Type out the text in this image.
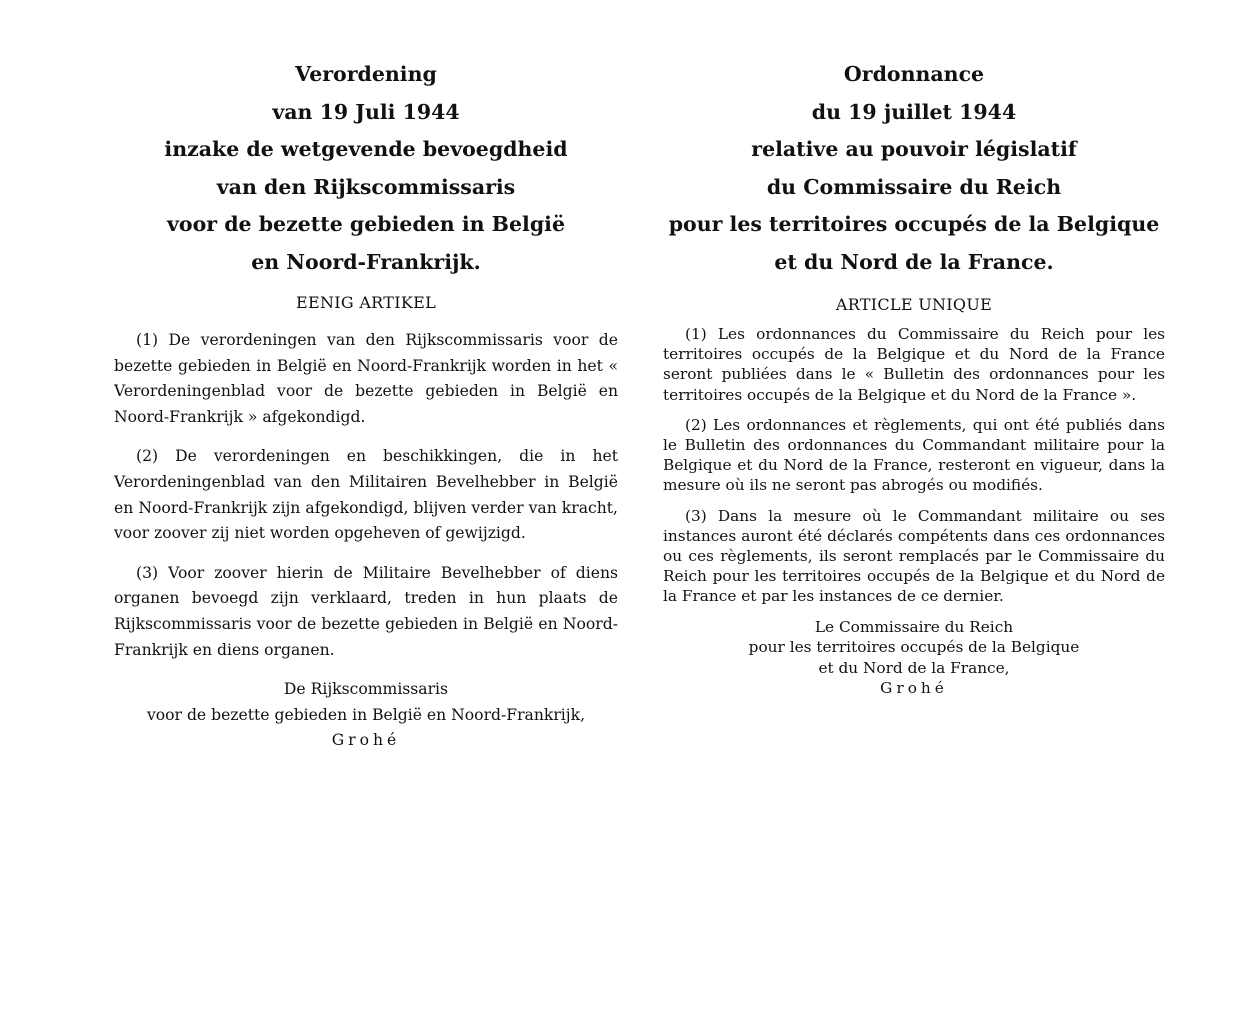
Verordening
van 19 Juli 1944
inzake de wetgevende bevoegdheid
van den Rijkscommissaris
voor de bezette gebieden in België
en Noord-Frankrijk.
EENIG ARTIKEL

(1) De verordeningen van den Rijkscommissaris voor de bezette gebieden in België en Noord-Frankrijk worden in het « Verordeningenblad voor de bezette gebieden in België en Noord-Frankrijk » afgekondigd.

(2) De verordeningen en beschikkingen, die in het Verordeningenblad van den Militairen Bevelhebber in België en Noord-Frankrijk zijn afgekondigd, blijven verder van kracht, voor zoover zij niet worden opgeheven of gewijzigd.

(3) Voor zoover hierin de Militaire Bevelhebber of diens organen bevoegd zijn verklaard, treden in hun plaats de Rijkscommissaris voor de bezette gebieden in België en Noord-Frankrijk en diens organen.

De Rijkscommissaris
voor de bezette gebieden in België en Noord-Frankrijk,
Grohé
Ordonnance
du 19 juillet 1944
relative au pouvoir législatif
du Commissaire du Reich
pour les territoires occupés de la Belgique
et du Nord de la France.
ARTICLE UNIQUE

(1) Les ordonnances du Commissaire du Reich pour les territoires occupés de la Belgique et du Nord de la France seront publiées dans le « Bulletin des ordonnances pour les territoires occupés de la Belgique et du Nord de la France ».

(2) Les ordonnances et règlements, qui ont été publiés dans le Bulletin des ordonnances du Commandant militaire pour la Belgique et du Nord de la France, resteront en vigueur, dans la mesure où ils ne seront pas abrogés ou modifiés.

(3) Dans la mesure où le Commandant militaire ou ses instances auront été déclarés compétents dans ces ordonnances ou ces règlements, ils seront remplacés par le Commissaire du Reich pour les territoires occupés de la Belgique et du Nord de la France et par les instances de ce dernier.

Le Commissaire du Reich
pour les territoires occupés de la Belgique
et du Nord de la France,
Grohé
